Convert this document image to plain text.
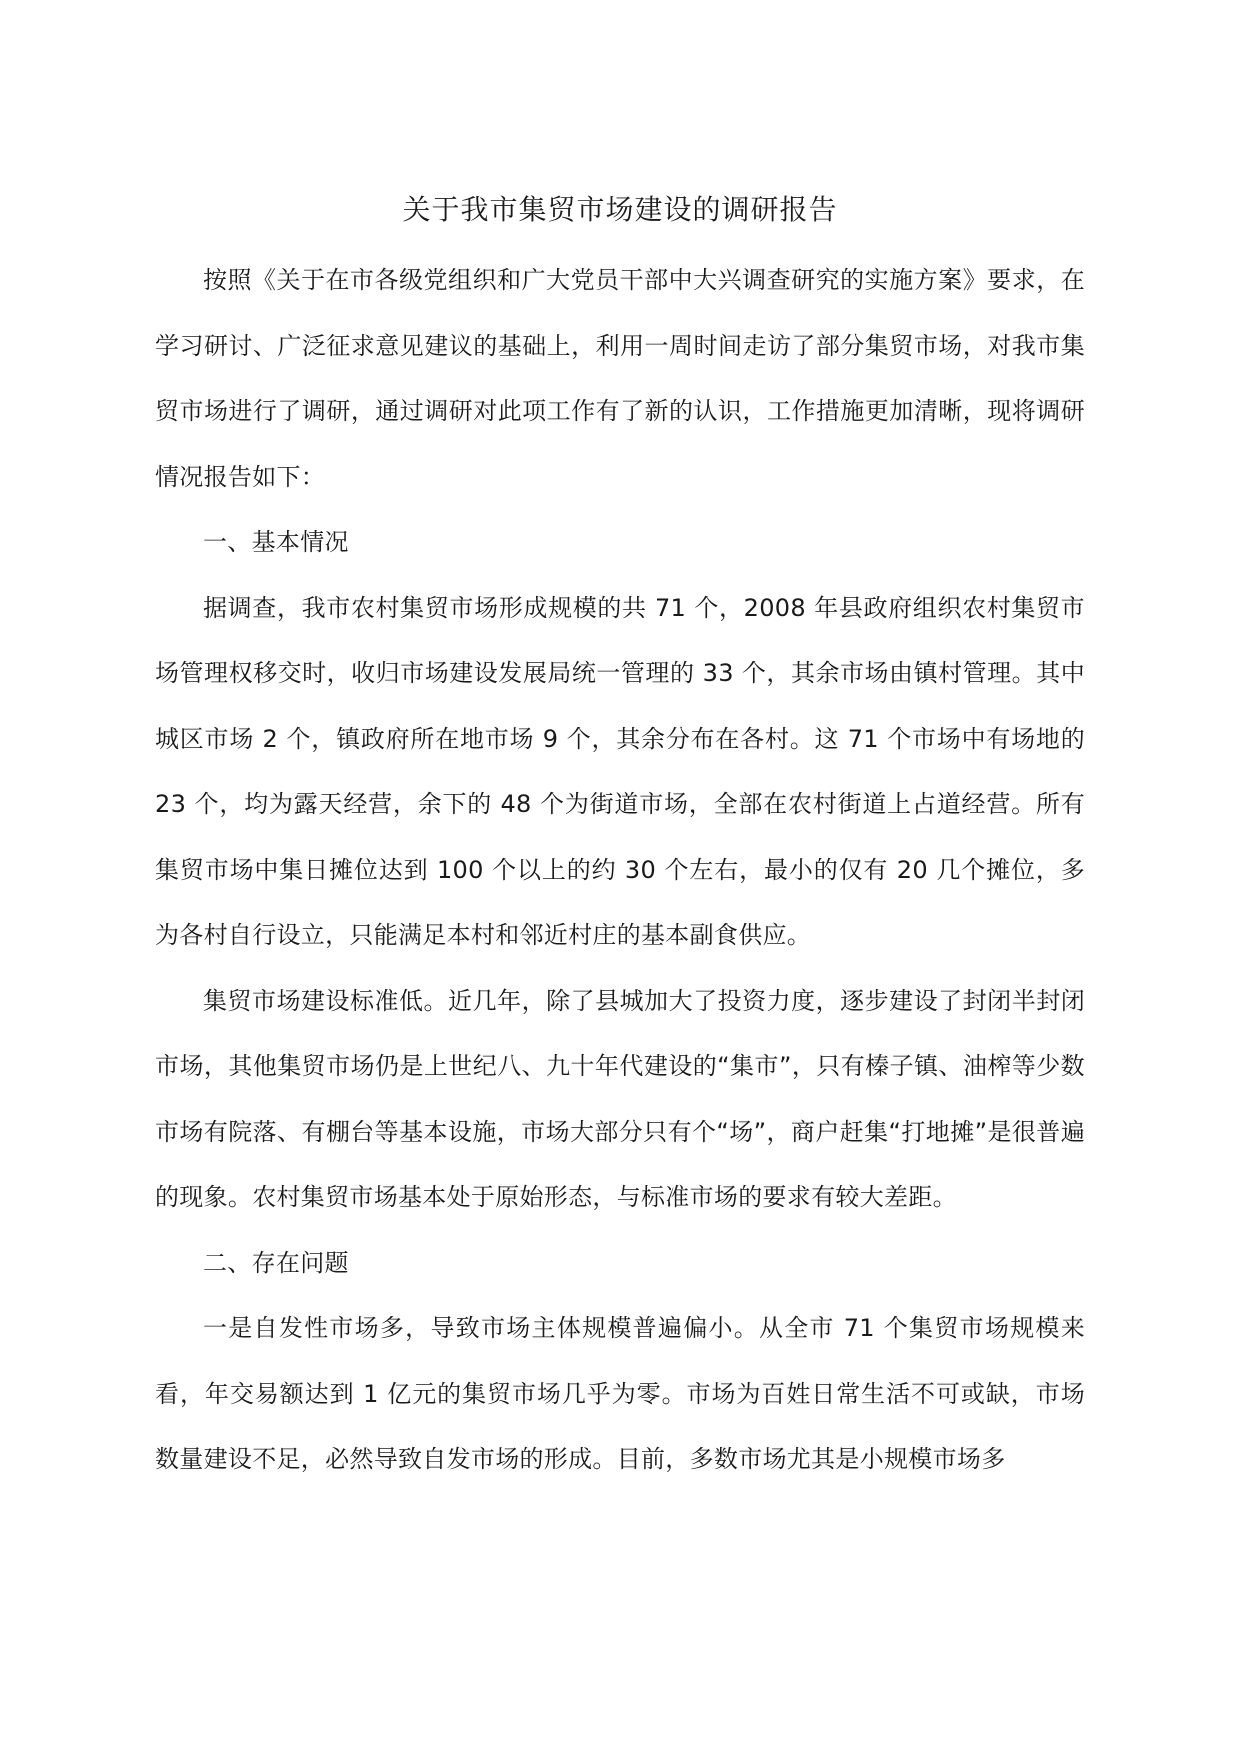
关于我市集贸市场建设的调研报告

按照《关于在市各级党组织和广大党员干部中大兴调查研究的实施方案》要求，在学习研讨、广泛征求意见建议的基础上，利用一周时间走访了部分集贸市场，对我市集贸市场进行了调研，通过调研对此项工作有了新的认识，工作措施更加清晰，现将调研情况报告如下：

一、基本情况

据调查，我市农村集贸市场形成规模的共 71 个，2008 年县政府组织农村集贸市场管理权移交时，收归市场建设发展局统一管理的 33 个，其余市场由镇村管理。其中城区市场 2 个，镇政府所在地市场 9 个，其余分布在各村。这 71 个市场中有场地的 23 个，均为露天经营，余下的 48 个为街道市场，全部在农村街道上占道经营。所有集贸市场中集日摊位达到 100 个以上的约 30 个左右，最小的仅有 20 几个摊位，多为各村自行设立，只能满足本村和邻近村庄的基本副食供应。

集贸市场建设标准低。近几年，除了县城加大了投资力度，逐步建设了封闭半封闭市场，其他集贸市场仍是上世纪八、九十年代建设的“集市”，只有榛子镇、油榨等少数市场有院落、有棚台等基本设施，市场大部分只有个“场”，商户赶集“打地摊”是很普遍的现象。农村集贸市场基本处于原始形态，与标准市场的要求有较大差距。

二、存在问题

一是自发性市场多，导致市场主体规模普遍偏小。从全市 71 个集贸市场规模来看，年交易额达到 1 亿元的集贸市场几乎为零。市场为百姓日常生活不可或缺，市场数量建设不足，必然导致自发市场的形成。目前，多数市场尤其是小规模市场多
